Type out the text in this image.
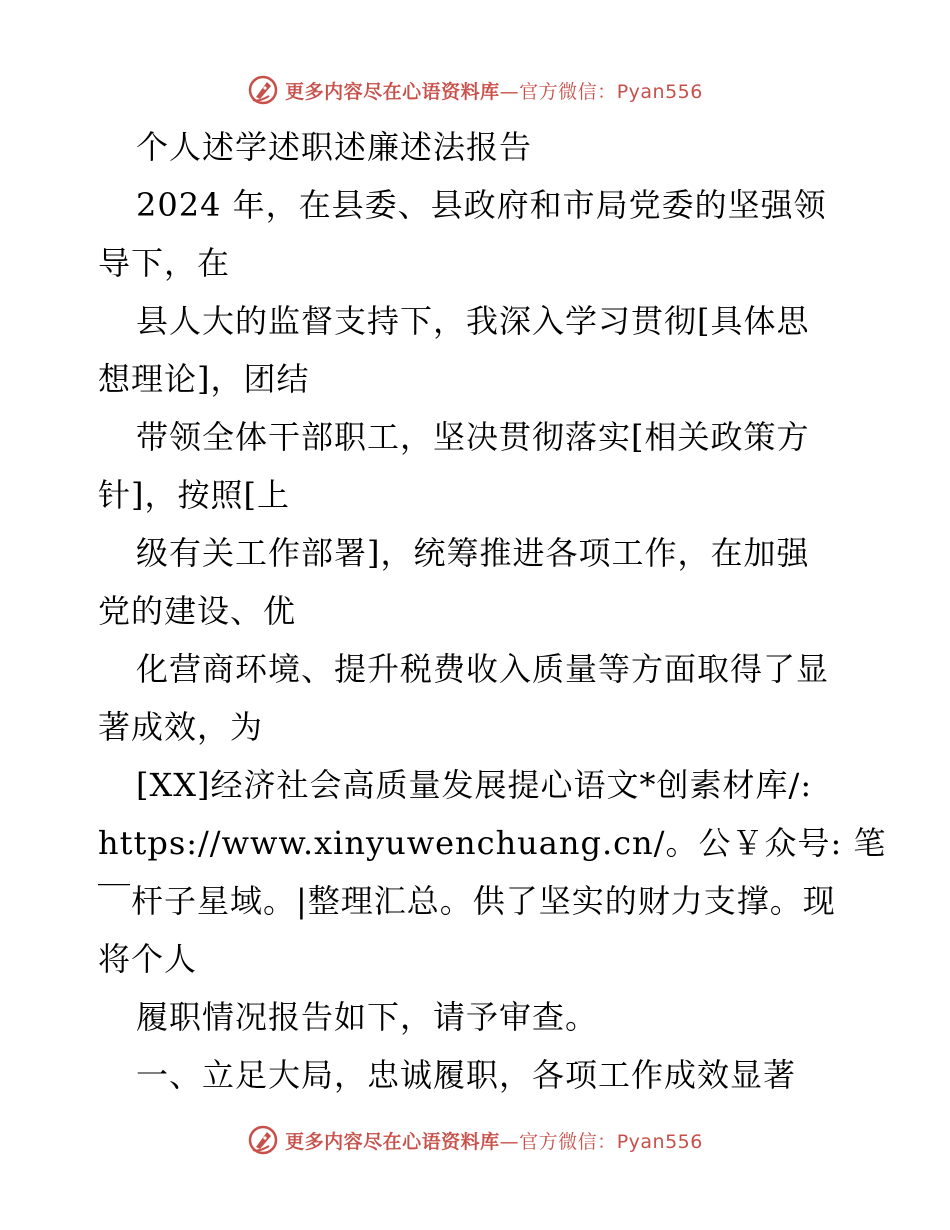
更多内容尽在心语资料库—官方微信：Pyan556
个人述学述职述廉述法报告
2024 年，在县委、县政府和市局党委的坚强领
导下，在
县人大的监督支持下，我深入学习贯彻[具体思
想理论]，团结
带领全体干部职工，坚决贯彻落实[相关政策方
针]，按照[上
级有关工作部署]，统筹推进各项工作，在加强
党的建设、优
化营商环境、提升税费收入质量等方面取得了显
著成效，为
[XX]经济社会高质量发展提心语文*创素材库/:
https://www.xinyuwenchuang.cn/。公￥众号: 笔
￣杆子星域。|整理汇总。供了坚实的财力支撑。现
将个人
履职情况报告如下，请予审查。
一、立足大局，忠诚履职，各项工作成效显著
更多内容尽在心语资料库—官方微信：Pyan556
